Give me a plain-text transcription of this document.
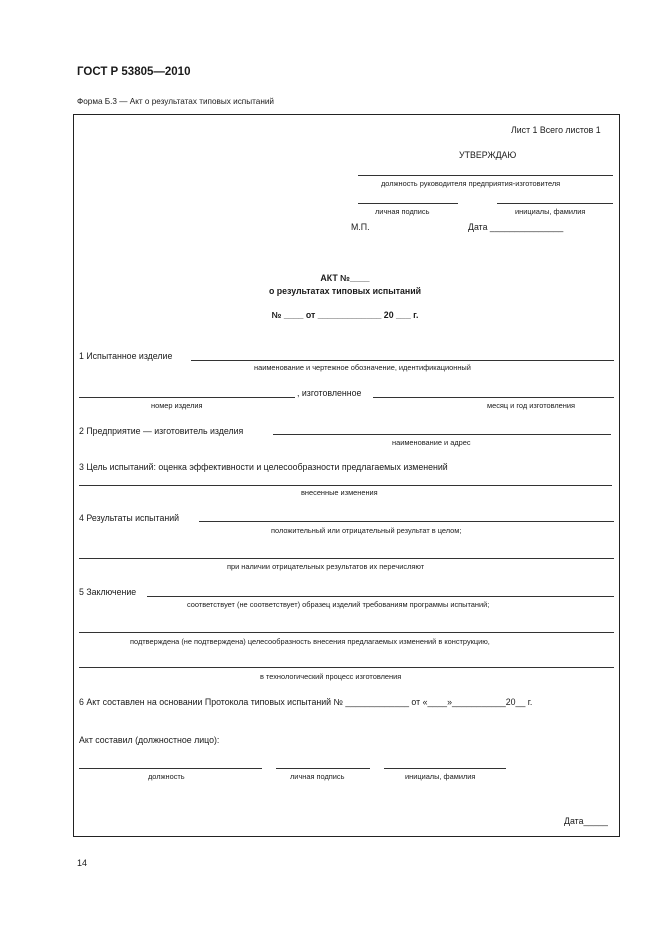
ГОСТ Р 53805—2010
Форма Б.3 — Акт о результатах типовых испытаний
Лист 1 Всего листов 1
УТВЕРЖДАЮ
должность руководителя предприятия-изготовителя
личная подпись	инициалы, фамилия
М.П.	Дата _______________
АКТ №____
о результатах типовых испытаний
№ ____ от _____________ 20 ___ г.
1 Испытанное изделие
наименование и чертежное обозначение, идентификационный
, изготовленное
номер изделия	месяц и год изготовления
2 Предприятие — изготовитель изделия
наименование и адрес
3 Цель испытаний: оценка эффективности и целесообразности предлагаемых изменений
внесенные изменения
4 Результаты испытаний
положительный или отрицательный результат в целом;
при наличии отрицательных результатов их перечисляют
5 Заключение
соответствует (не соответствует) образец изделий требованиям программы испытаний;
подтверждена (не подтверждена) целесообразность внесения предлагаемых изменений в конструкцию,
в технологический процесс изготовления
6 Акт составлен на основании Протокола типовых испытаний № _____________ от «____»___________20__ г.
Акт составил (должностное лицо):
должность	личная подпись	инициалы, фамилия
Дата_____
14
